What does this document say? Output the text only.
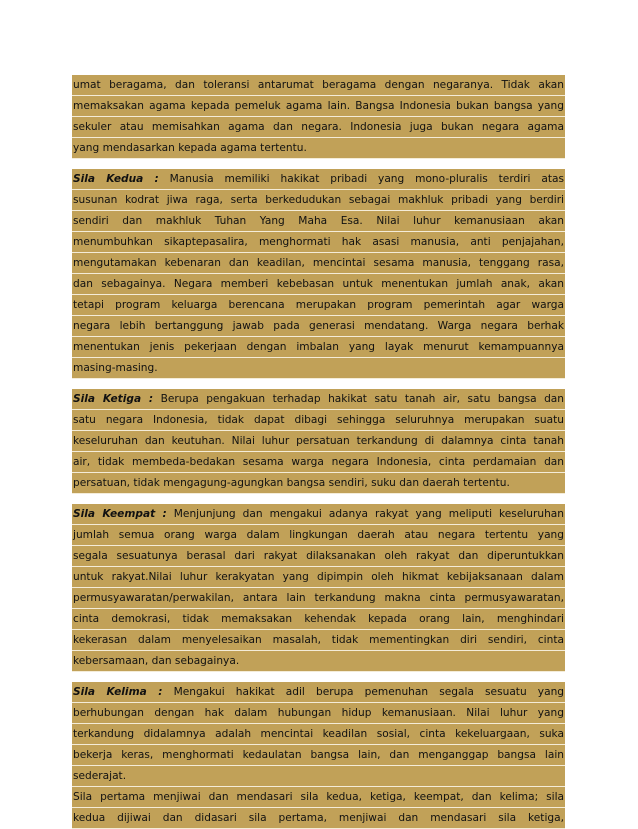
umat beragama, dan toleransi antarumat beragama dengan negaranya. Tidak akan
memaksakan agama kepada pemeluk agama lain. Bangsa Indonesia bukan bangsa yang
sekuler atau memisahkan agama dan negara. Indonesia juga bukan negara agama
yang mendasarkan kepada agama tertentu.
Sila Kedua : Manusia memiliki hakikat pribadi yang mono-pluralis terdiri atas
susunan kodrat jiwa raga, serta berkedudukan sebagai makhluk pribadi yang berdiri
sendiri dan makhluk Tuhan Yang Maha Esa. Nilai luhur kemanusiaan akan
menumbuhkan sikaptepasalira, menghormati hak asasi manusia, anti penjajahan,
mengutamakan kebenaran dan keadilan, mencintai sesama manusia, tenggang rasa,
dan sebagainya. Negara memberi kebebasan untuk menentukan jumlah anak, akan
tetapi program keluarga berencana merupakan program pemerintah agar warga
negara lebih bertanggung jawab pada generasi mendatang. Warga negara berhak
menentukan jenis pekerjaan dengan imbalan yang layak menurut kemampuannya
masing-masing.
Sila Ketiga : Berupa pengakuan terhadap hakikat satu tanah air, satu bangsa dan
satu negara Indonesia, tidak dapat dibagi sehingga seluruhnya merupakan suatu
keseluruhan dan keutuhan. Nilai luhur persatuan terkandung di dalamnya cinta tanah
air, tidak membeda-bedakan sesama warga negara Indonesia, cinta perdamaian dan
persatuan, tidak mengagung-agungkan bangsa sendiri, suku dan daerah tertentu.
Sila Keempat : Menjunjung dan mengakui adanya rakyat yang meliputi keseluruhan
jumlah semua orang warga dalam lingkungan daerah atau negara tertentu yang
segala sesuatunya berasal dari rakyat dilaksanakan oleh rakyat dan diperuntukkan
untuk rakyat.Nilai luhur kerakyatan yang dipimpin oleh hikmat kebijaksanaan dalam
permusyawaratan/perwakilan, antara lain terkandung makna cinta permusyawaratan,
cinta demokrasi, tidak memaksakan kehendak kepada orang lain, menghindari
kekerasan dalam menyelesaikan masalah, tidak mementingkan diri sendiri, cinta
kebersamaan, dan sebagainya.
Sila Kelima : Mengakui hakikat adil berupa pemenuhan segala sesuatu yang
berhubungan dengan hak dalam hubungan hidup kemanusiaan. Nilai luhur yang
terkandung didalamnya adalah mencintai keadilan sosial, cinta kekeluargaan, suka
bekerja keras, menghormati kedaulatan bangsa lain, dan menganggap bangsa lain
sederajat.
Sila pertama menjiwai dan mendasari sila kedua, ketiga, keempat, dan kelima; sila
kedua dijiwai dan didasari sila pertama, menjiwai dan mendasari sila ketiga,
